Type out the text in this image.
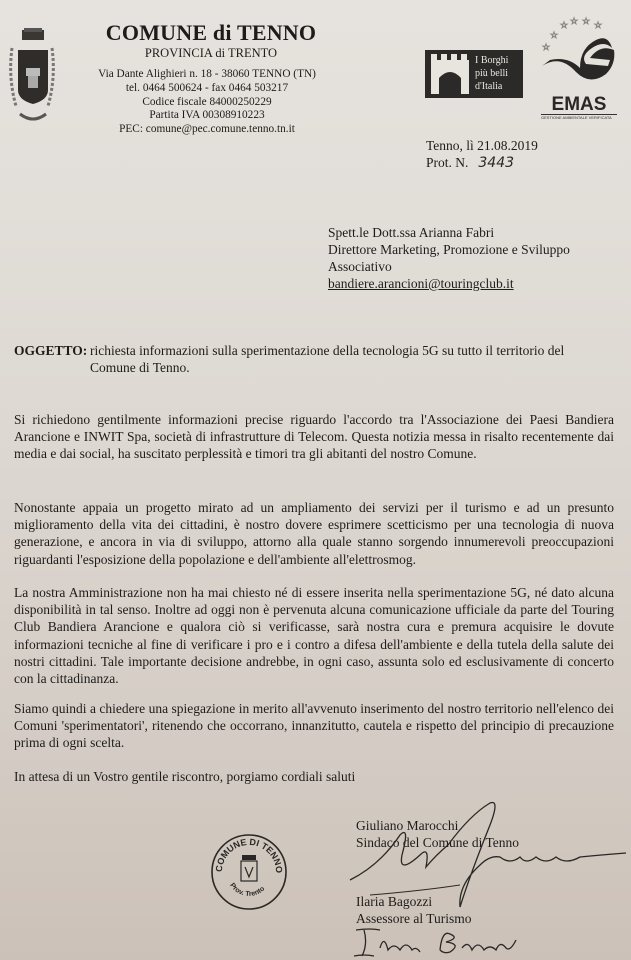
COMUNE di TENNO
PROVINCIA di TRENTO
Via Dante Alighieri n. 18 - 38060 TENNO (TN)
tel. 0464 500624 - fax 0464 503217
Codice fiscale 84000250229
Partita IVA 00308910223
PEC: comune@pec.comune.tenno.tn.it
I Borghi
più belli
d'Italia
☆ ☆ ☆ ☆
☆
☆
EMAS
GESTIONE AMBIENTALE VERIFICATA
Tenno, lì 21.08.2019
Prot. N. 3443
Spett.le Dott.ssa Arianna Fabri
Direttore Marketing, Promozione e Sviluppo
Associativo
bandiere.arancioni@touringclub.it
OGGETTO: richiesta informazioni sulla sperimentazione della tecnologia 5G su tutto il territorio del Comune di Tenno.
Si richiedono gentilmente informazioni precise riguardo l'accordo tra l'Associazione dei Paesi Bandiera Arancione e INWIT Spa, società di infrastrutture di Telecom. Questa notizia messa in risalto recentemente dai media e dai social, ha suscitato perplessità e timori tra gli abitanti del nostro Comune.
Nonostante appaia un progetto mirato ad un ampliamento dei servizi per il turismo e ad un presunto miglioramento della vita dei cittadini, è nostro dovere esprimere scetticismo per una tecnologia di nuova generazione, e ancora in via di sviluppo, attorno alla quale stanno sorgendo innumerevoli preoccupazioni riguardanti l'esposizione della popolazione e dell'ambiente all'elettrosmog.
La nostra Amministrazione non ha mai chiesto né di essere inserita nella sperimentazione 5G, né dato alcuna disponibilità in tal senso. Inoltre ad oggi non è pervenuta alcuna comunicazione ufficiale da parte del Touring Club Bandiera Arancione e qualora ciò si verificasse, sarà nostra cura e premura acquisire le dovute informazioni tecniche al fine di verificare i pro e i contro a difesa dell'ambiente e della tutela della salute dei nostri cittadini. Tale importante decisione andrebbe, in ogni caso, assunta solo ed esclusivamente di concerto con la cittadinanza.
Siamo quindi a chiedere una spiegazione in merito all'avvenuto inserimento del nostro territorio nell'elenco dei Comuni 'sperimentatori', ritenendo che occorrano, innanzitutto, cautela e rispetto del principio di precauzione prima di ogni scelta.
In attesa di un Vostro gentile riscontro, porgiamo cordiali saluti
COMUNE DI TENNO
Prov. Trento
Giuliano Marocchi
Sindaco del Comune di Tenno
Ilaria Bagozzi
Assessore al Turismo
